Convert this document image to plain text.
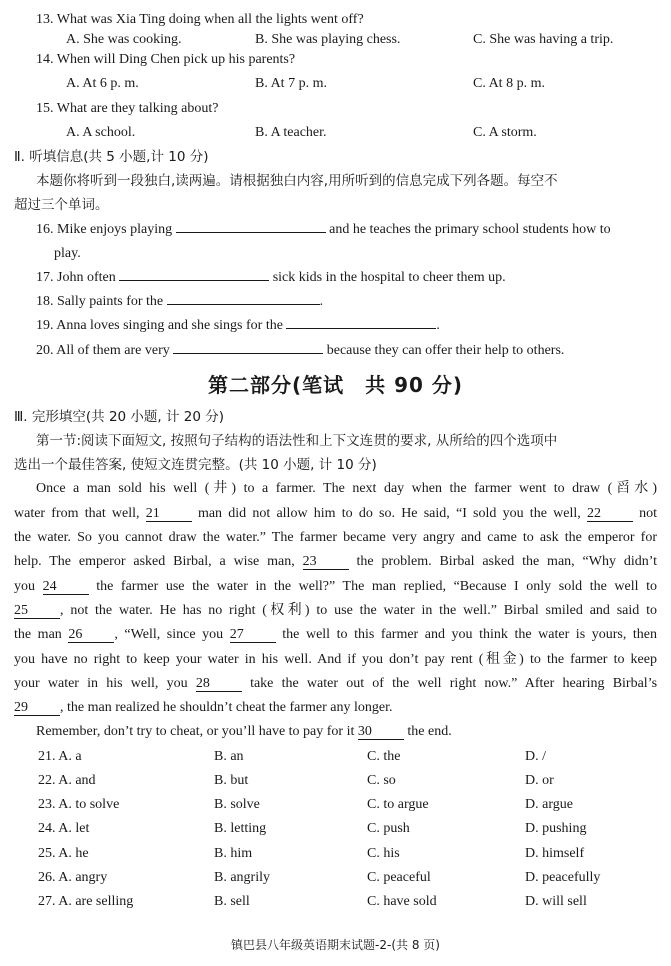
13. What was Xia Ting doing when all the lights went off?
A. She was cooking.	B. She was playing chess.	C. She was having a trip.
14. When will Ding Chen pick up his parents?
A. At 6 p. m.	B. At 7 p. m.	C. At 8 p. m.
15. What are they talking about?
A. A school.	B. A teacher.	C. A storm.
Ⅱ. 听填信息(共 5 小题,计 10 分)
本题你将听到一段独白,读两遍。请根据独白内容,用所听到的信息完成下列各题。每空不
超过三个单词。
16. Mike enjoys playing	and he teaches the primary school students how to
play.
17. John often	sick kids in the hospital to cheer them up.
18. Sally paints for the	.
19. Anna loves singing and she sings for the	.
20. All of them are very	because they can offer their help to others.
第二部分(笔试　共 90 分)
Ⅲ. 完形填空(共 20 小题, 计 20 分)
第一节:阅读下面短文, 按照句子结构的语法性和上下文连贯的要求, 从所给的四个选项中
选出一个最佳答案, 使短文连贯完整。(共 10 小题, 计 10 分)
Once a man sold his well (井) to a farmer. The next day when the farmer went to draw (舀水)
water from that well, 21	man did not allow him to do so. He said, “I sold you the well, 22	not
the water. So you cannot draw the water.” The farmer became very angry and came to ask the emperor for
help. The emperor asked Birbal, a wise man, 23	the problem. Birbal asked the man, “Why didn’t
you 24	the farmer use the water in the well?” The man replied, “Because I only sold the well to
25 , not the water. He has no right (权利) to use the water in the well.” Birbal smiled and said to
the man 26 , “Well, since you 27	the well to this farmer and you think the water is yours, then
you have no right to keep your water in his well. And if you don’t pay rent (租金) to the farmer to keep
your water in his well, you 28	take the water out of the well right now.” After hearing Birbal’s
29 , the man realized he shouldn’t cheat the farmer any longer.
Remember, don’t try to cheat, or you’ll have to pay for it 30	the end.
21. A. a	B. an	C. the	D. /
22. A. and	B. but	C. so	D. or
23. A. to solve	B. solve	C. to argue	D. argue
24. A. let	B. letting	C. push	D. pushing
25. A. he	B. him	C. his	D. himself
26. A. angry	B. angrily	C. peaceful	D. peacefully
27. A. are selling	B. sell	C. have sold	D. will sell
镇巴县八年级英语期末试题-2-(共 8 页)
